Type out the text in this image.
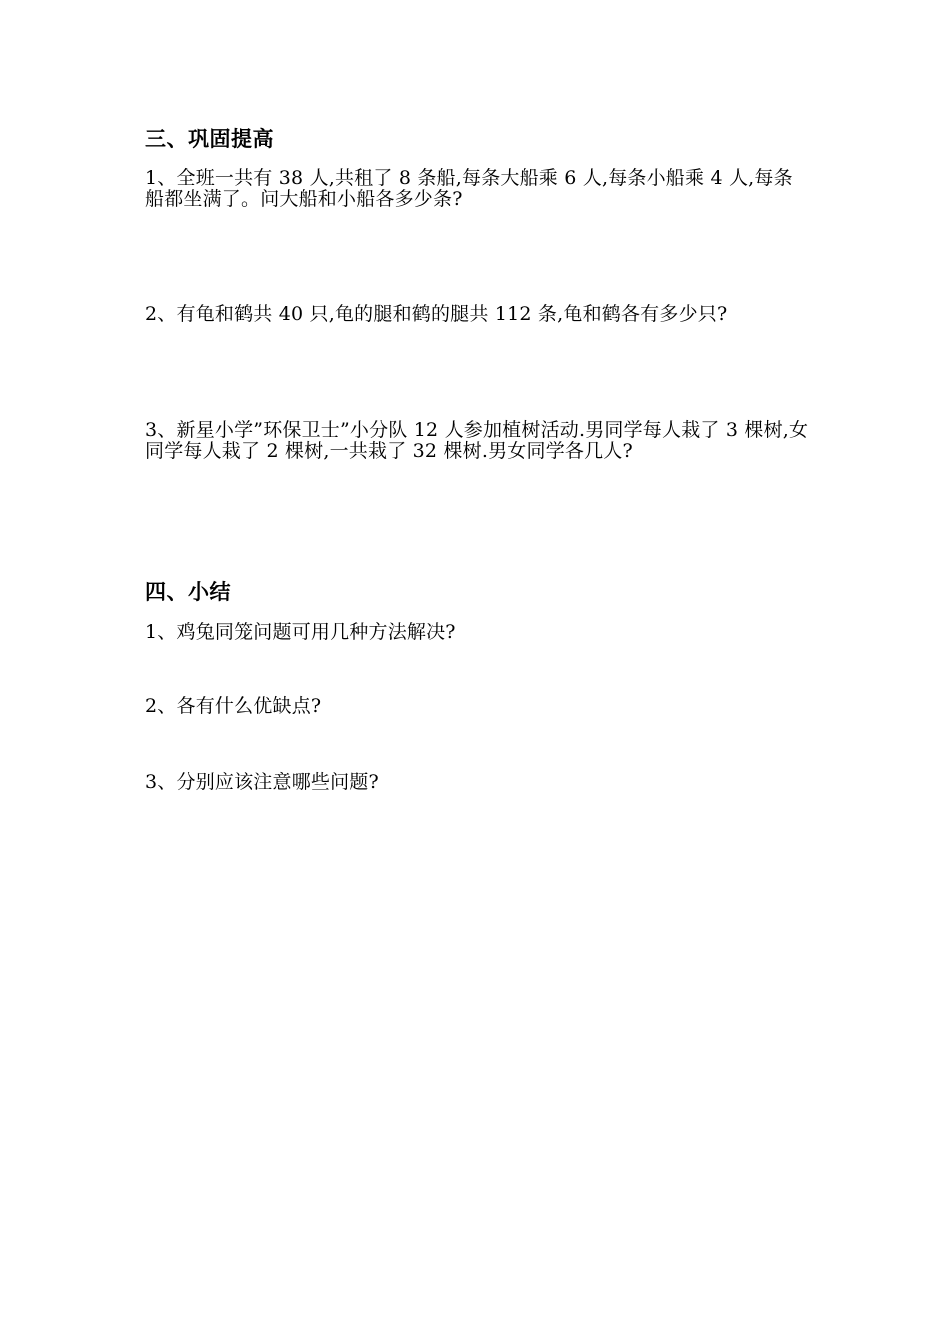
三、巩固提高

1、全班一共有 38 人,共租了 8 条船,每条大船乘 6 人,每条小船乘 4 人,每条船都坐满了。问大船和小船各多少条?

2、有龟和鹤共 40 只,龟的腿和鹤的腿共 112 条,龟和鹤各有多少只?

3、新星小学”环保卫士”小分队 12 人参加植树活动.男同学每人栽了 3 棵树,女同学每人栽了 2 棵树,一共栽了 32 棵树.男女同学各几人?

四、小结

1、鸡兔同笼问题可用几种方法解决?

2、各有什么优缺点?

3、分别应该注意哪些问题?
